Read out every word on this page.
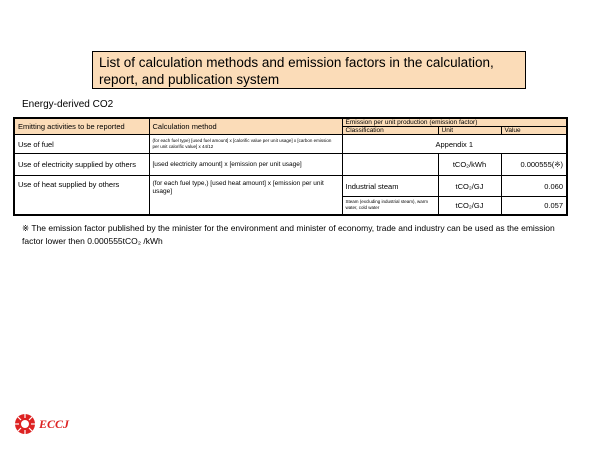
List of calculation methods and emission factors in the calculation, report, and publication system
Energy-derived CO2
Emitting activities to be reported	Calculation method	Emission per unit production (emission factor)		
		Classification	Unit	Value
Use of fuel	(for each fuel type) [used fuel amount] x [calorific value per unit usage] x [carbon emission per unit calorific value] x 44/12	Appendix 1		
Use of electricity supplied by others	[used electricity amount] x [emission per unit usage]		tCO₂/kWh	0.000555(※)
Use of heat supplied by others	(for each fuel type,) [used heat amount] x [emission per unit usage]	Industrial steam	tCO₂/GJ	0.060
		Steam (excluding industrial steam), warm water, cold water	tCO₂/GJ	0.057
※ The emission factor published by the minister for the environment and minister of economy, trade and industry can be used as the emission factor lower then 0.000555tCO₂ /kWh
ECCJ
